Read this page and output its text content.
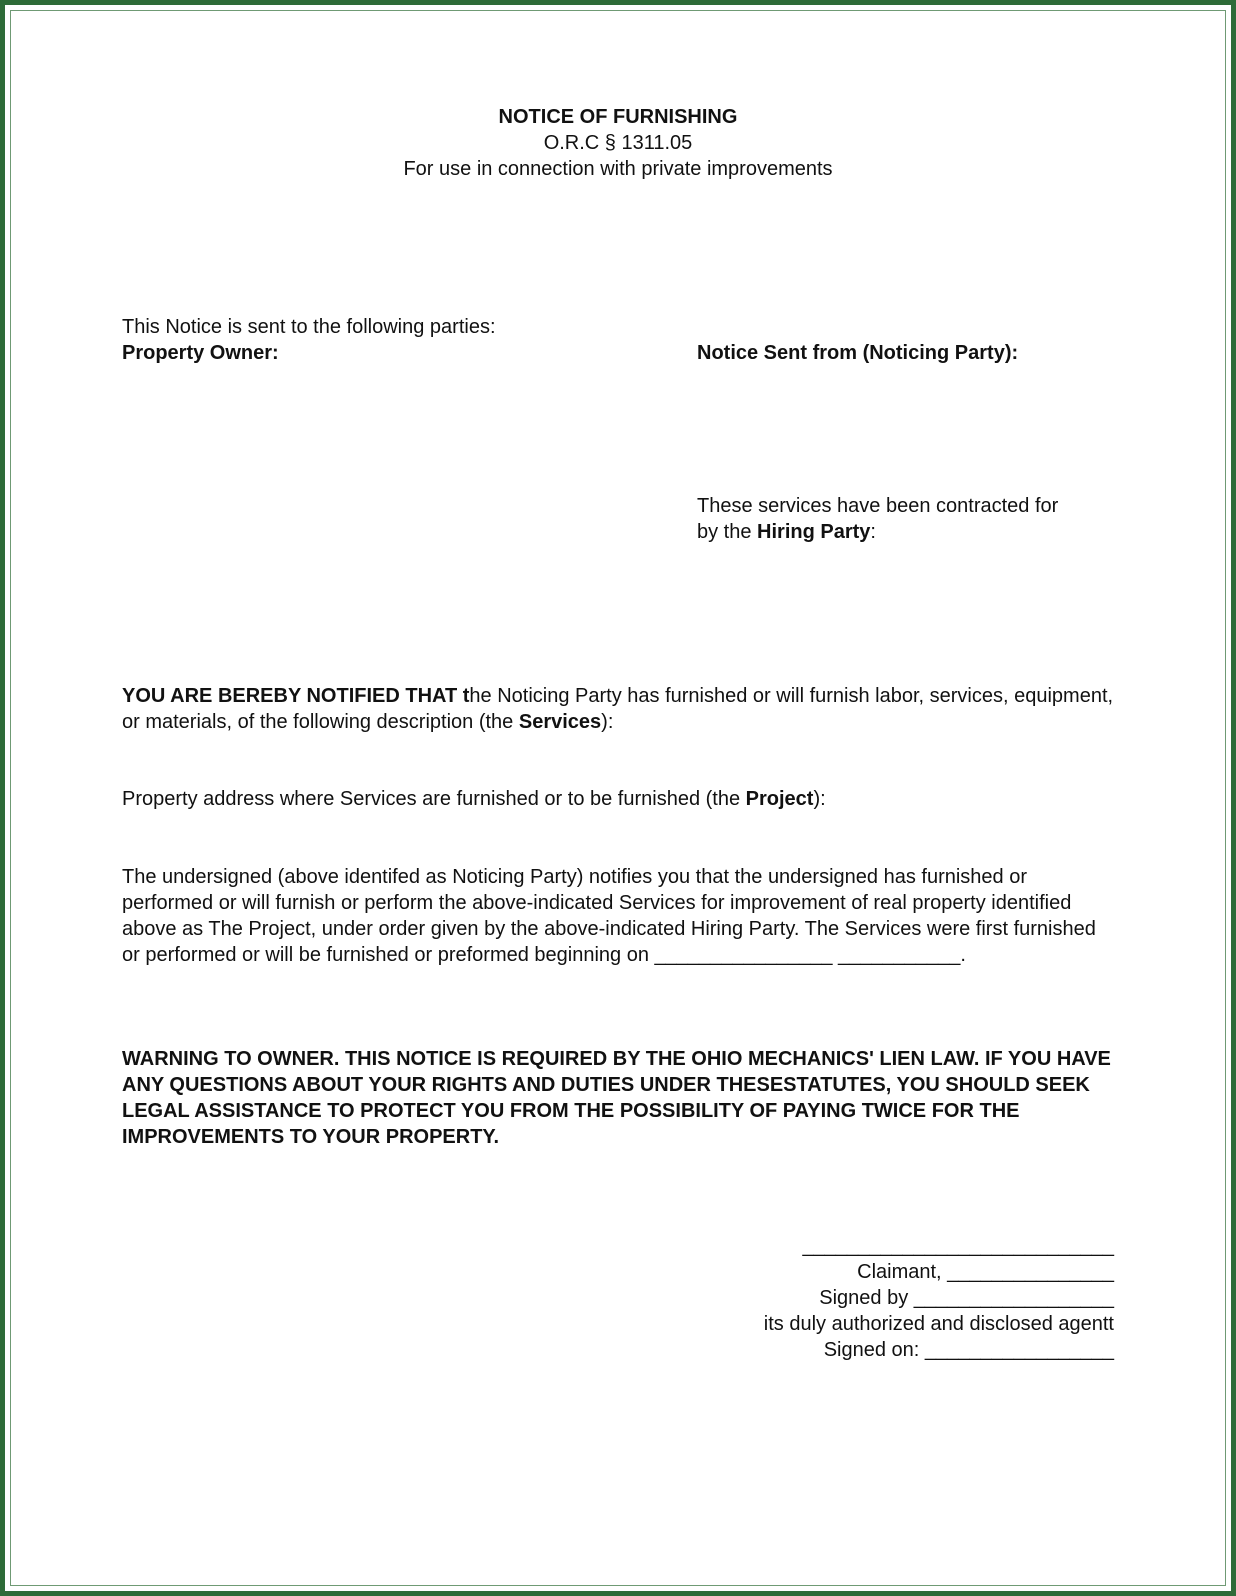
NOTICE OF FURNISHING
O.R.C § 1311.05
For use in connection with private improvements
This Notice is sent to the following parties:
Property Owner:	Notice Sent from (Noticing Party):
These services have been contracted for
by the Hiring Party:
YOU ARE BEREBY NOTIFIED THAT the Noticing Party has furnished or will furnish labor, services, equipment, or materials, of the following description (the Services):
Property address where Services are furnished or to be furnished (the Project):
The undersigned (above identifed as Noticing Party) notifies you that the undersigned has furnished or performed or will furnish or perform the above-indicated Services for improvement of real property identified above as The Project, under order given by the above-indicated Hiring Party. The Services were first furnished or performed or will be furnished or preformed beginning on ________________ ___________.
WARNING TO OWNER. THIS NOTICE IS REQUIRED BY THE OHIO MECHANICS' LIEN LAW. IF YOU HAVE ANY QUESTIONS ABOUT YOUR RIGHTS AND DUTIES UNDER THESESTATUTES, YOU SHOULD SEEK LEGAL ASSISTANCE TO PROTECT YOU FROM THE POSSIBILITY OF PAYING TWICE FOR THE IMPROVEMENTS TO YOUR PROPERTY.
____________________________
Claimant, _______________
Signed by __________________
its duly authorized and disclosed agentt
Signed on: _________________
